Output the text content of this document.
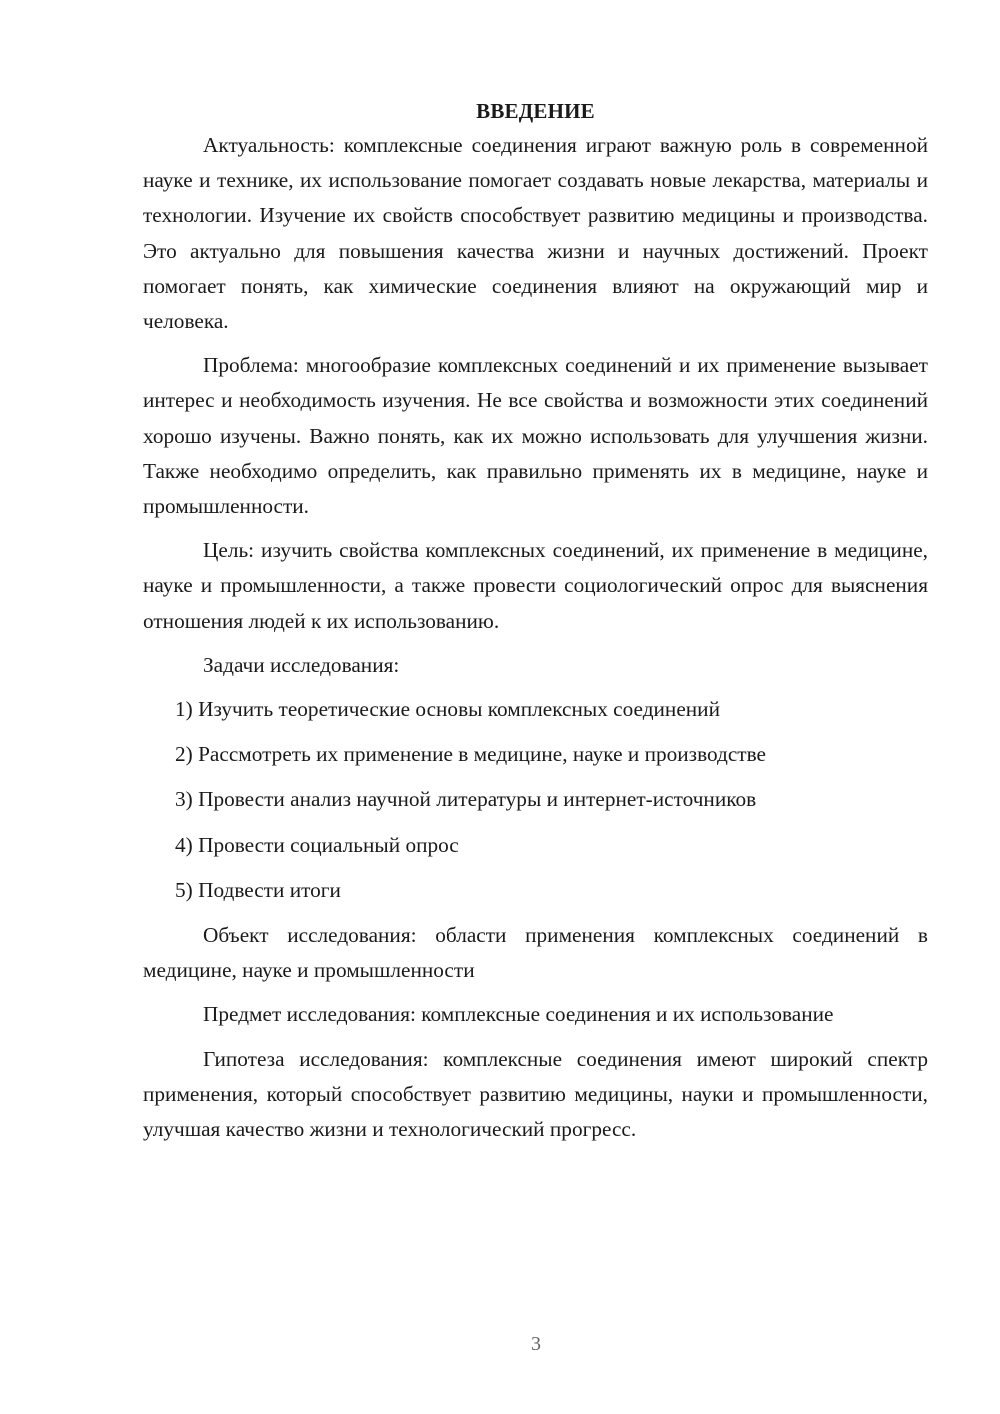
ВВЕДЕНИЕ

Актуальность: комплексные соединения играют важную роль в современной науке и технике, их использование помогает создавать новые лекарства, материалы и технологии. Изучение их свойств способствует развитию медицины и производства. Это актуально для повышения качества жизни и научных достижений. Проект помогает понять, как химические соединения влияют на окружающий мир и человека.

Проблема: многообразие комплексных соединений и их применение вызывает интерес и необходимость изучения. Не все свойства и возможности этих соединений хорошо изучены. Важно понять, как их можно использовать для улучшения жизни. Также необходимо определить, как правильно применять их в медицине, науке и промышленности.

Цель: изучить свойства комплексных соединений, их применение в медицине, науке и промышленности, а также провести социологический опрос для выяснения отношения людей к их использованию.

Задачи исследования:

1) Изучить теоретические основы комплексных соединений
2) Рассмотреть их применение в медицине, науке и производстве
3) Провести анализ научной литературы и интернет-источников
4) Провести социальный опрос
5) Подвести итоги

Объект исследования: области применения комплексных соединений в медицине, науке и промышленности

Предмет исследования: комплексные соединения и их использование

Гипотеза исследования: комплексные соединения имеют широкий спектр применения, который способствует развитию медицины, науки и промышленности, улучшая качество жизни и технологический прогресс.

3
